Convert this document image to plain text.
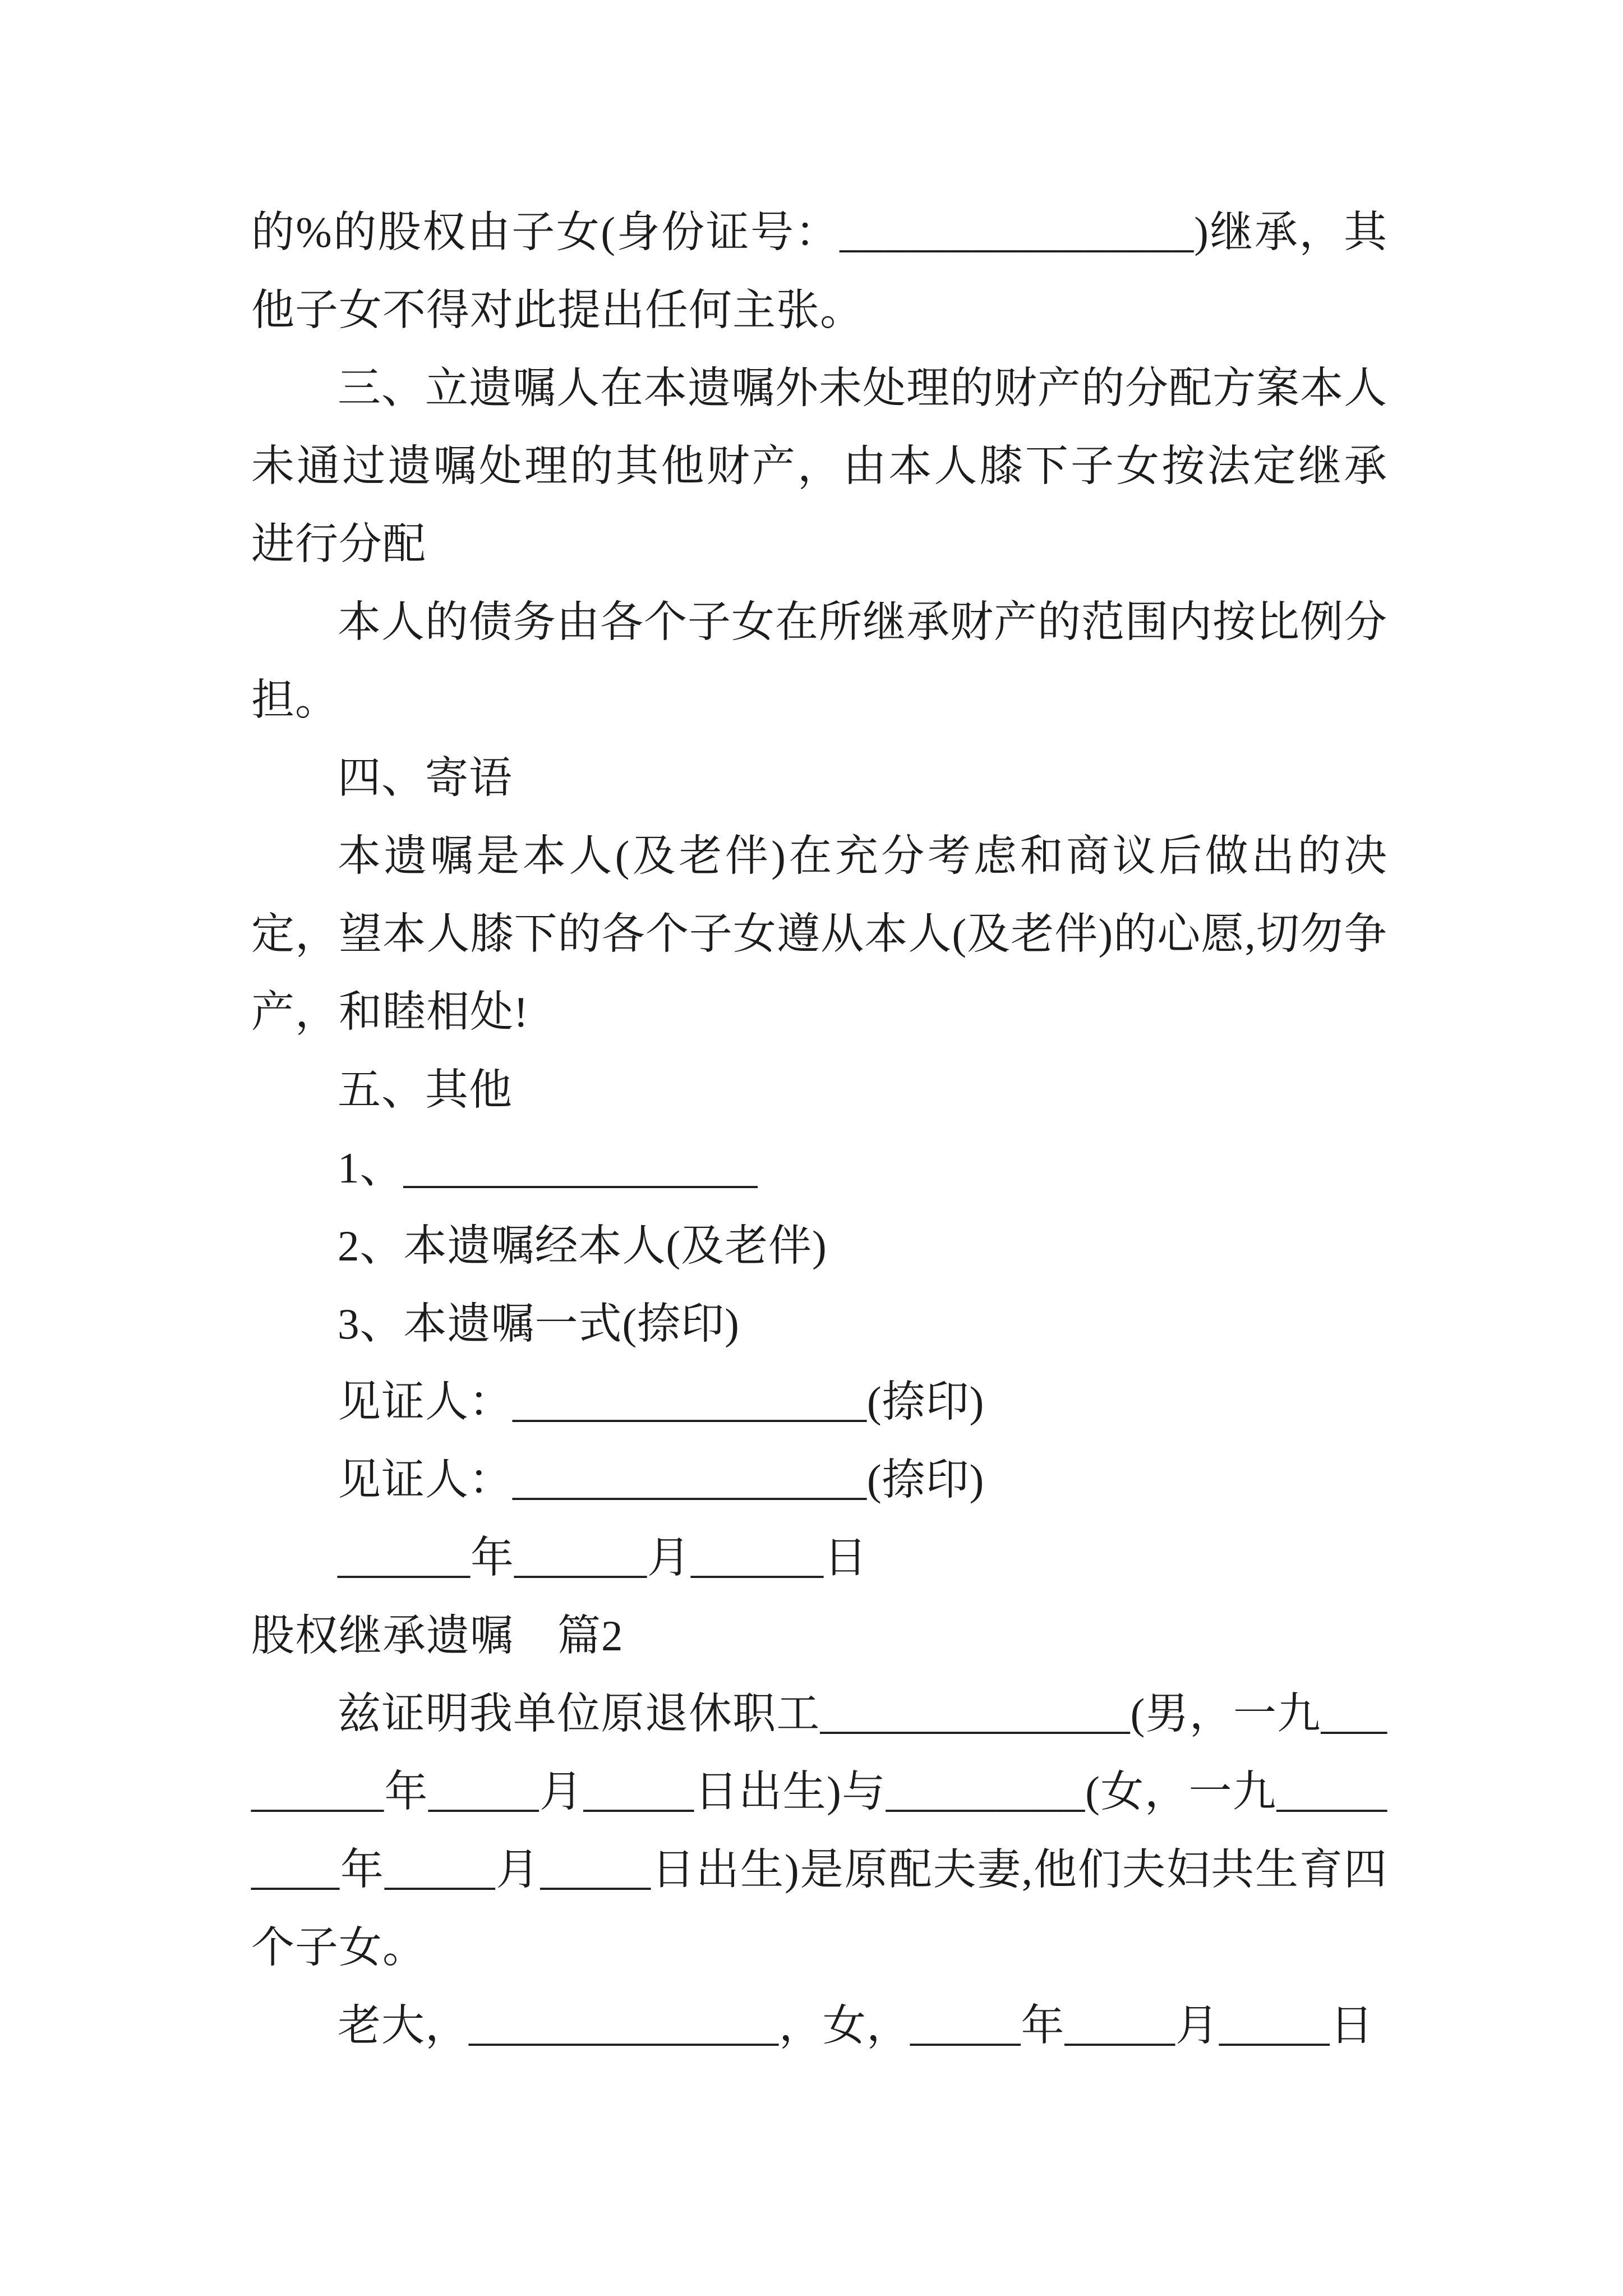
的%的股权由子女(身份证号：________________)继承，其他子女不得对此提出任何主张。

三、立遗嘱人在本遗嘱外未处理的财产的分配方案本人未通过遗嘱处理的其他财产，由本人膝下子女按法定继承进行分配

本人的债务由各个子女在所继承财产的范围内按比例分担。

四、寄语

本遗嘱是本人(及老伴)在充分考虑和商议后做出的决定，望本人膝下的各个子女遵从本人(及老伴)的心愿,切勿争产，和睦相处!

五、其他

1、________________

2、本遗嘱经本人(及老伴)

3、本遗嘱一式(捺印)

见证人：________________(捺印)

见证人：________________(捺印)

______年______月______日

股权继承遗嘱　篇2

兹证明我单位原退休职工______________(男，一九_________年_____月_____日出生)与_________(女，一九_________年_____月_____日出生)是原配夫妻,他们夫妇共生育四个子女。

老大，______________，女，_____年_____月_____日
